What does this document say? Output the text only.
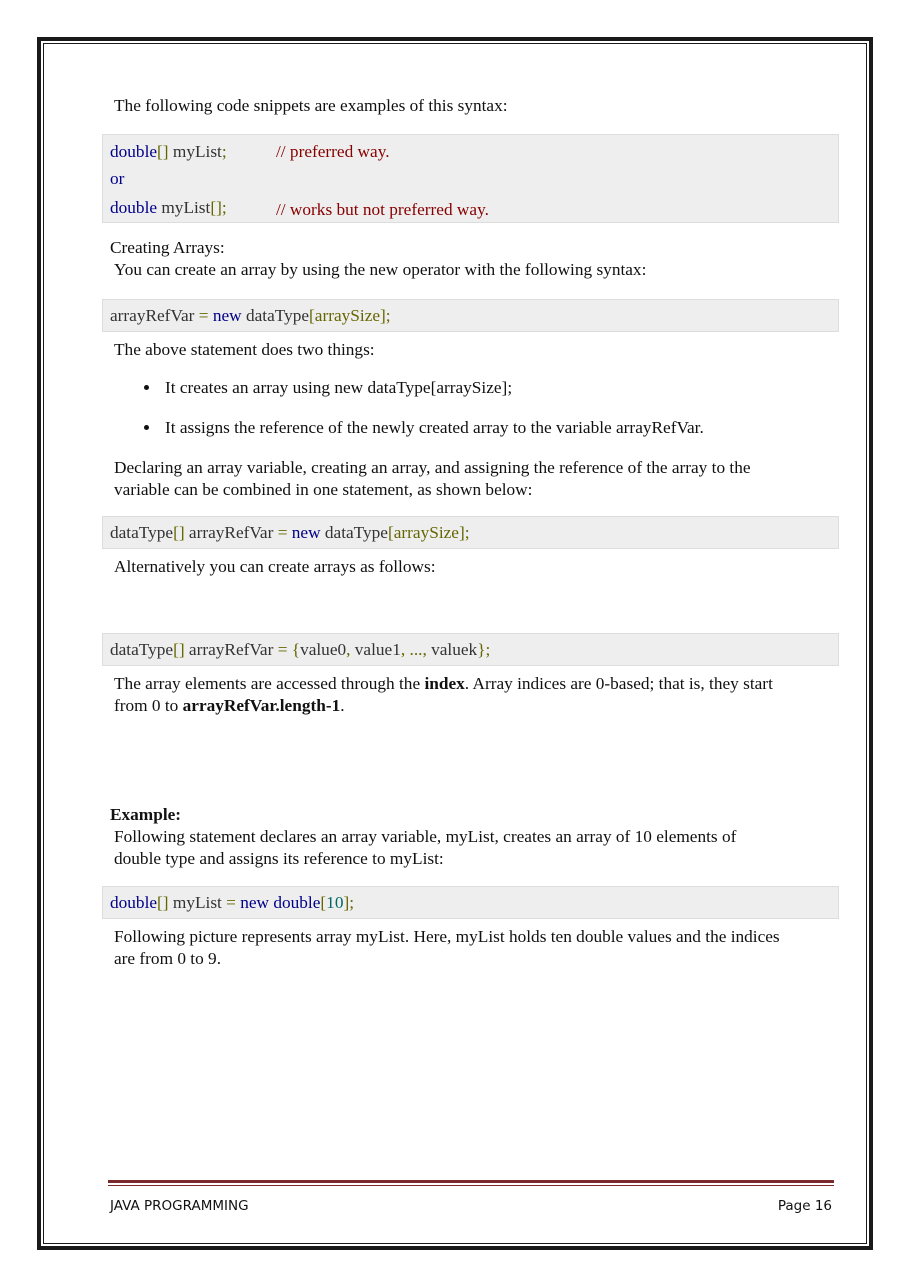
The following code snippets are examples of this syntax:
double[] myList;	// preferred way.
or
double myList[];	// works but not preferred way.
Creating Arrays:
You can create an array by using the new operator with the following syntax:
arrayRefVar = new dataType[arraySize];
The above statement does two things:
It creates an array using new dataType[arraySize];
It assigns the reference of the newly created array to the variable arrayRefVar.
Declaring an array variable, creating an array, and assigning the reference of the array to the
variable can be combined in one statement, as shown below:
dataType[] arrayRefVar = new dataType[arraySize];
Alternatively you can create arrays as follows:
dataType[] arrayRefVar = {value0, value1, ..., valuek};
The array elements are accessed through the index. Array indices are 0-based; that is, they start
from 0 to arrayRefVar.length-1.
Example:
Following statement declares an array variable, myList, creates an array of 10 elements of
double type and assigns its reference to myList:
double[] myList = new double[10];
Following picture represents array myList. Here, myList holds ten double values and the indices
are from 0 to 9.
JAVA PROGRAMMING	Page 16
